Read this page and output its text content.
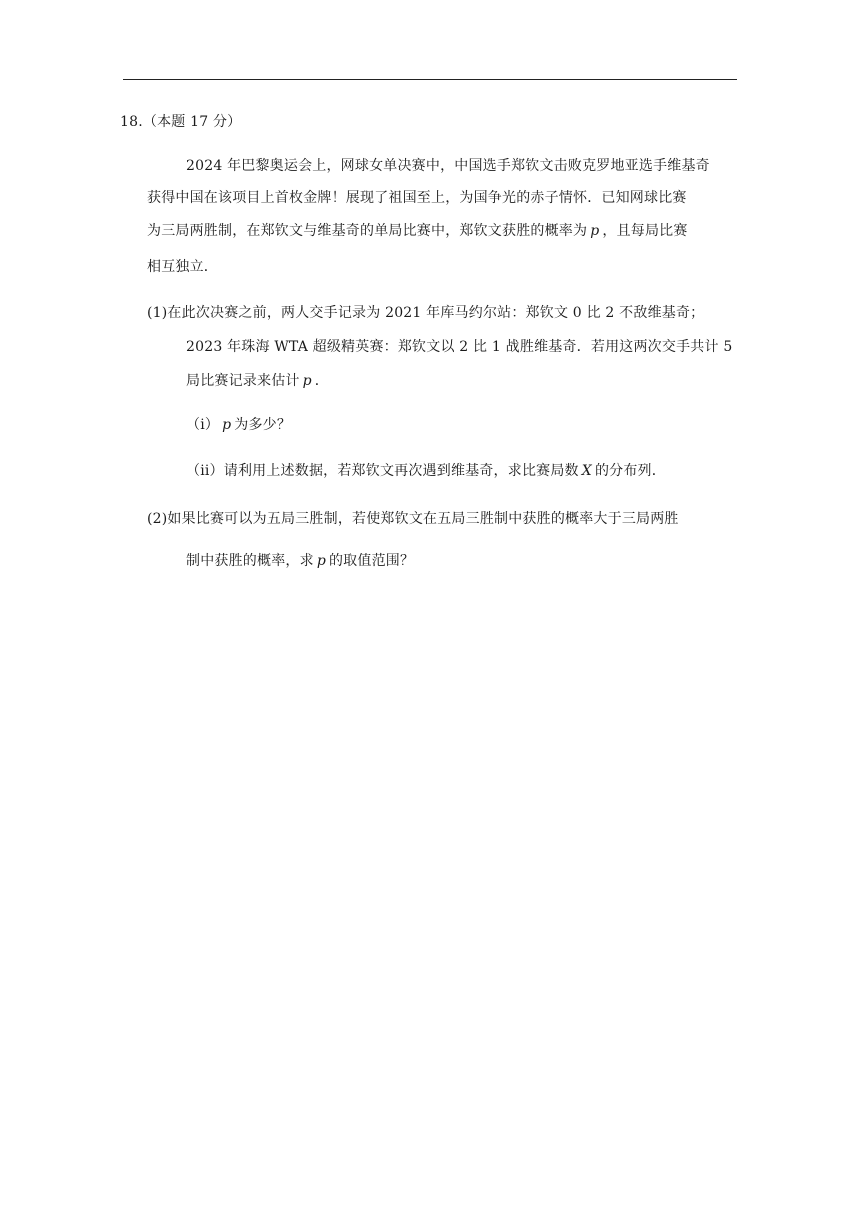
18.（本题 17 分）
2024 年巴黎奥运会上，网球女单决赛中，中国选手郑钦文击败克罗地亚选手维基奇
获得中国在该项目上首枚金牌！展现了祖国至上，为国争光的赤子情怀．已知网球比赛
为三局两胜制，在郑钦文与维基奇的单局比赛中，郑钦文获胜的概率为 p ，且每局比赛
相互独立．
(1)在此次决赛之前，两人交手记录为 2021 年库马约尔站：郑钦文 0 比 2 不敌维基奇；
2023 年珠海 WTA 超级精英赛：郑钦文以 2 比 1 战胜维基奇．若用这两次交手共计 5
局比赛记录来估计 p ．
（i） p 为多少？
（ii）请利用上述数据，若郑钦文再次遇到维基奇，求比赛局数 X 的分布列．
(2)如果比赛可以为五局三胜制，若使郑钦文在五局三胜制中获胜的概率大于三局两胜
制中获胜的概率，求 p 的取值范围？
